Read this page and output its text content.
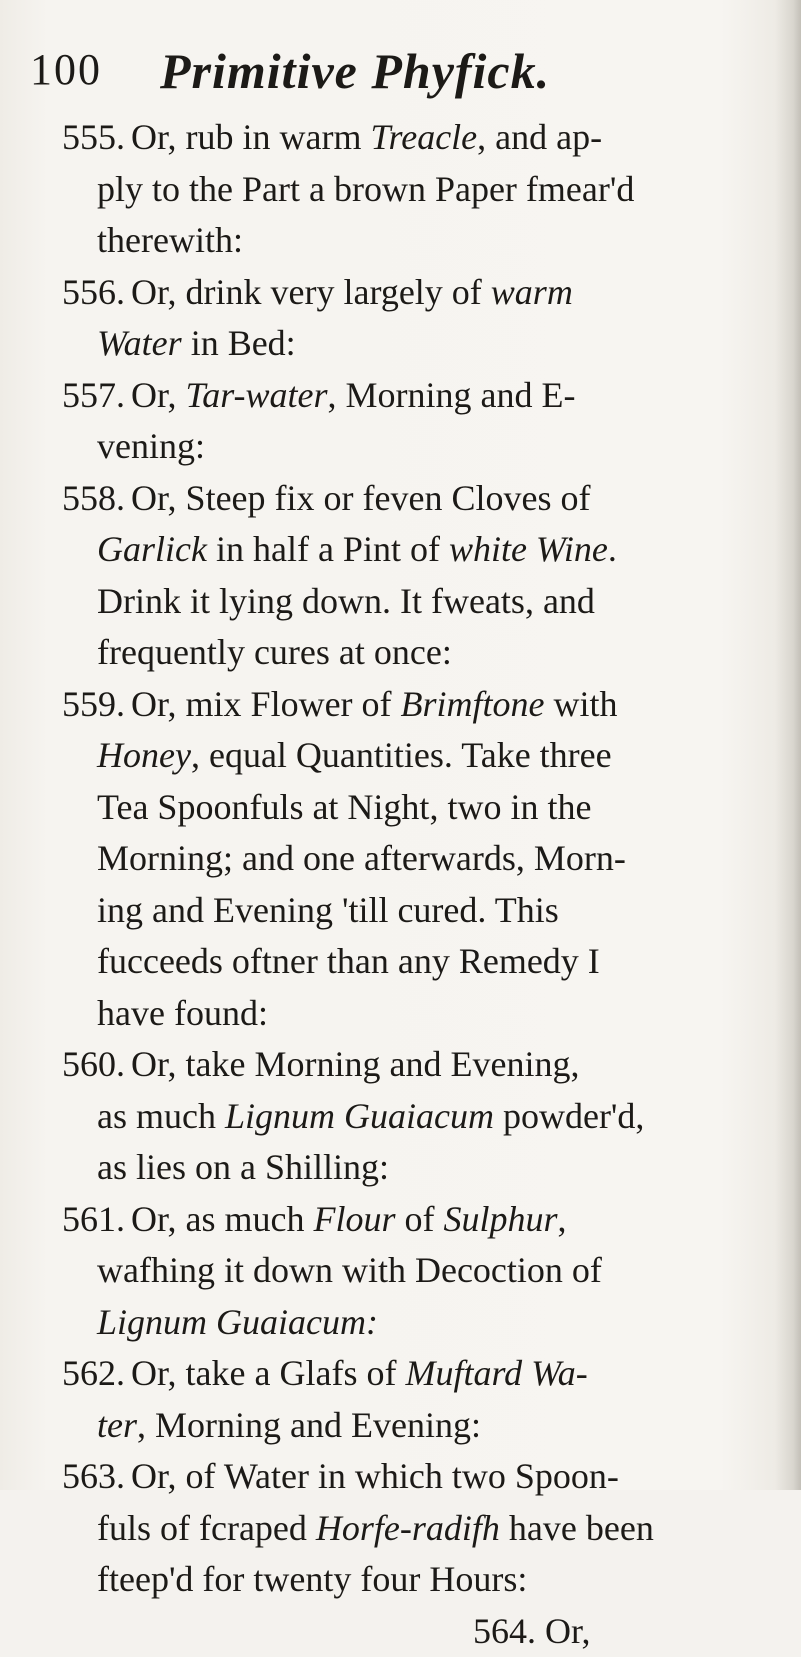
100 Primitive Phyfick.
555. Or, rub in warm Treacle, and ap-
ply to the Part a brown Paper fmear'd
therewith:
556. Or, drink very largely of warm
Water in Bed:
557. Or, Tar-water, Morning and E-
vening:
558. Or, Steep fix or feven Cloves of
Garlick in half a Pint of white Wine.
Drink it lying down. It fweats, and
frequently cures at once:
559. Or, mix Flower of Brimftone with
Honey, equal Quantities. Take three
Tea Spoonfuls at Night, two in the
Morning; and one afterwards, Morn-
ing and Evening 'till cured. This
fucceeds oftner than any Remedy I
have found:
560. Or, take Morning and Evening,
as much Lignum Guaiacum powder'd,
as lies on a Shilling:
561. Or, as much Flour of Sulphur,
wafhing it down with Decoction of
Lignum Guaiacum:
562. Or, take a Glafs of Muftard Wa-
ter, Morning and Evening:
563. Or, of Water in which two Spoon-
fuls of fcraped Horfe-radifh have been
fteep'd for twenty four Hours:
564. Or,
